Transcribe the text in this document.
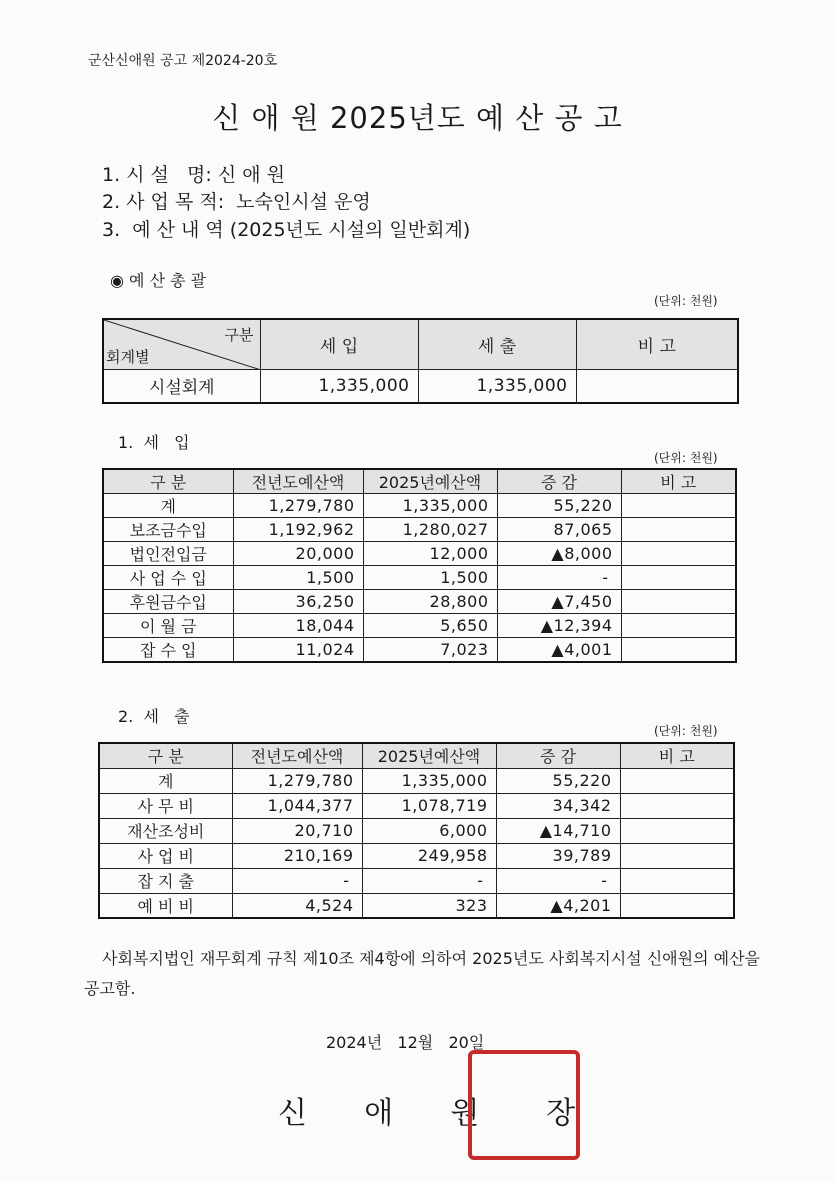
군산신애원 공고 제2024-20호
신 애 원 2025년도 예 산 공 고
1. 시 설   명: 신 애 원
2. 사 업 목 적:  노숙인시설 운영
3.  예 산 내 역 (2025년도 시설의 일반회계)
◉ 예 산 총 괄
(단위: 천원)
구분
회계별	세 입	세 출	비 고
시설회계	1,335,000	1,335,000	
1.  세   입
(단위: 천원)
구 분	전년도예산액	2025년예산액	증 감	비 고
계	1,279,780	1,335,000	55,220	
보조금수입	1,192,962	1,280,027	87,065	
법인전입금	20,000	12,000	▲8,000	
사 업 수 입	1,500	1,500	-	
후원금수입	36,250	28,800	▲7,450	
이 월 금	18,044	5,650	▲12,394	
잡 수 입	11,024	7,023	▲4,001	
2.  세   출
(단위: 천원)
구 분	전년도예산액	2025년예산액	증 감	비 고
계	1,279,780	1,335,000	55,220	
사 무 비	1,044,377	1,078,719	34,342	
재산조성비	20,710	6,000	▲14,710	
사 업 비	210,169	249,958	39,789	
잡 지 출	-	-	-	
예 비 비	4,524	323	▲4,201	
사회복지법인 재무회계 규칙 제10조 제4항에 의하여 2025년도 사회복지시설 신애원의 예산을 공고함.
2024년   12월   20일
신      애      원       장
